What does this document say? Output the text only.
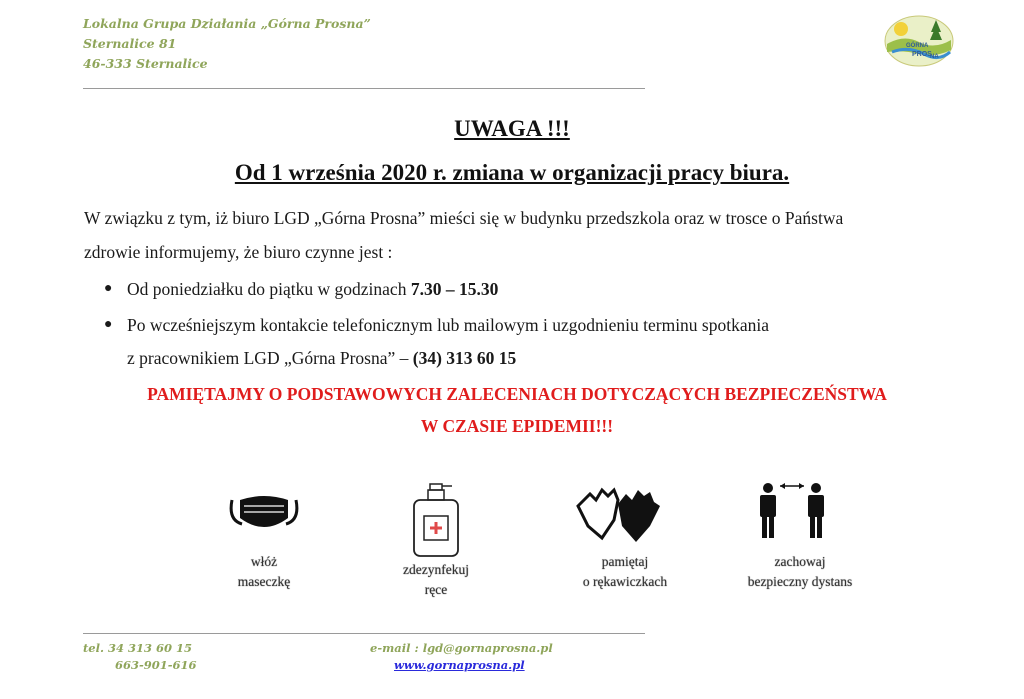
Lokalna Grupa Działania „Górna Prosna”
Sternalice 81
46-333 Sternalice
GÓRNA
PROS
NA
UWAGA !!!
Od 1 września 2020 r. zmiana w organizacji pracy biura.
W związku z tym, iż biuro LGD „Górna Prosna” mieści się w budynku przedszkola oraz w trosce o Państwa
zdrowie informujemy, że biuro czynne jest :
● Od poniedziałku do piątku w godzinach 7.30 – 15.30
● Po wcześniejszym kontakcie telefonicznym lub mailowym i uzgodnieniu terminu spotkania
z pracownikiem LGD „Górna Prosna” – (34) 313 60 15
PAMIĘTAJMY O PODSTAWOWYCH ZALECENIACH DOTYCZĄCYCH BEZPIECZEŃSTWA
W CZASIE EPIDEMII!!!
włóż
maseczkę
zdezynfekuj
ręce
pamiętaj
o rękawiczkach
zachowaj
bezpieczny dystans
tel. 34 313 60 15
663-901-616
e-mail : lgd@gornaprosna.pl
www.gornaprosna.pl
